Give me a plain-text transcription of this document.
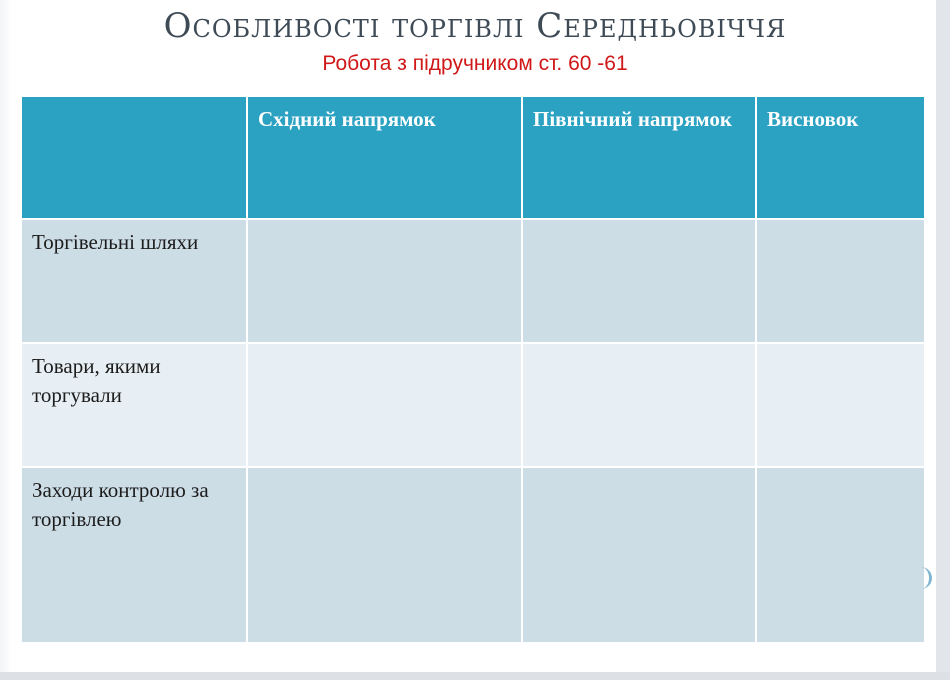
Особливості торгівлі Середньовіччя
Робота з підручником ст. 60 -61
	Східний напрямок	Північний напрямок	Висновок
Торгівельні шляхи			
Товари, якими торгували			
Заходи контролю за торгівлею			
